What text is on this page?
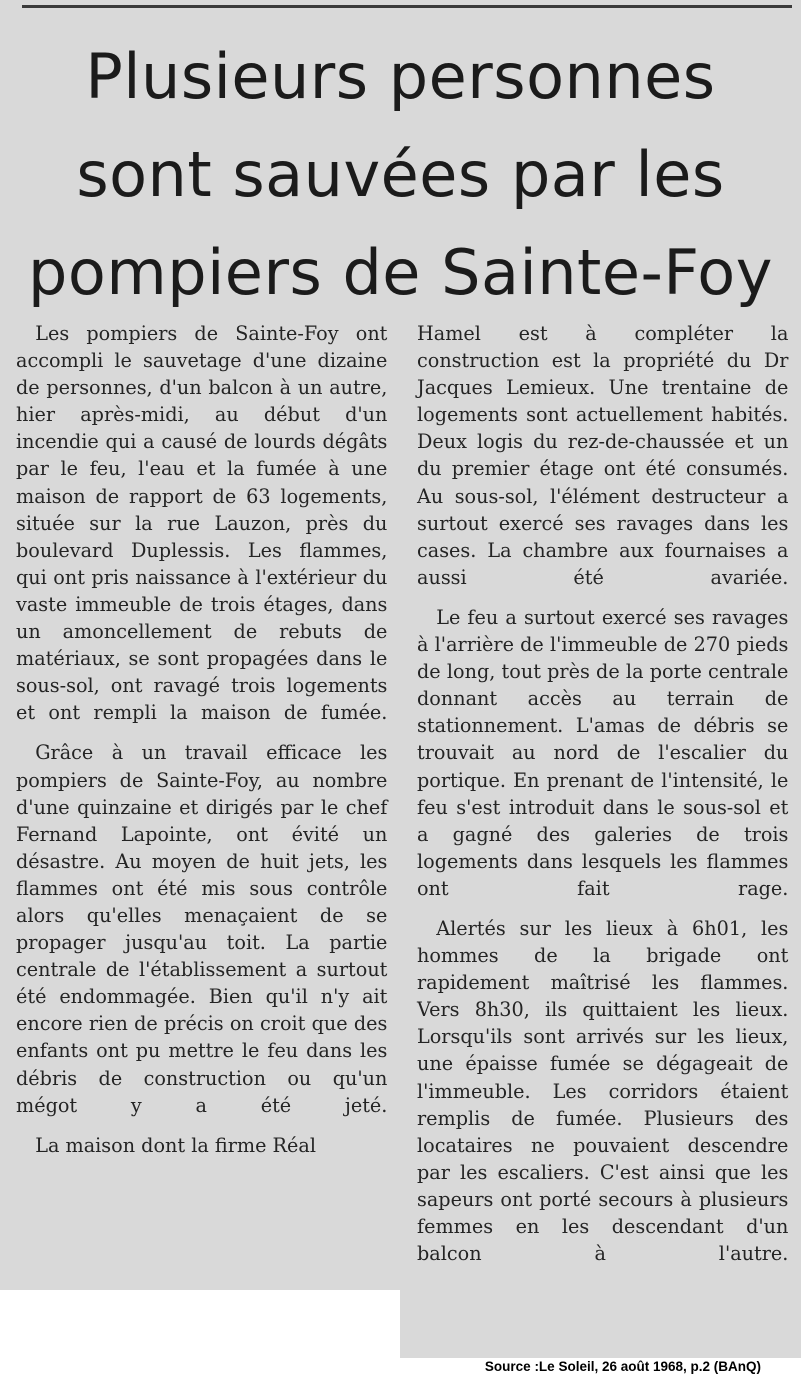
Plusieurs personnes
sont sauvées par les
pompiers de Sainte-Foy

Les pompiers de Sainte-Foy ont accompli le sauvetage d'une dizaine de personnes, d'un balcon à un autre, hier après-midi, au début d'un incendie qui a causé de lourds dégâts par le feu, l'eau et la fumée à une maison de rapport de 63 logements, située sur la rue Lauzon, près du boulevard Duplessis. Les flammes, qui ont pris naissance à l'extérieur du vaste immeuble de trois étages, dans un amoncellement de rebuts de matériaux, se sont propagées dans le sous-sol, ont ravagé trois logements et ont rempli la maison de fumée.

Grâce à un travail efficace les pompiers de Sainte-Foy, au nombre d'une quinzaine et dirigés par le chef Fernand Lapointe, ont évité un désastre. Au moyen de huit jets, les flammes ont été mis sous contrôle alors qu'elles menaçaient de se propager jusqu'au toit. La partie centrale de l'établissement a surtout été endommagée. Bien qu'il n'y ait encore rien de précis on croit que des enfants ont pu mettre le feu dans les débris de construction ou qu'un mégot y a été jeté.

La maison dont la firme Réal

Hamel est à compléter la construction est la propriété du Dr Jacques Lemieux. Une trentaine de logements sont actuellement habités. Deux logis du rez-de-chaussée et un du premier étage ont été consumés. Au sous-sol, l'élément destructeur a surtout exercé ses ravages dans les cases. La chambre aux fournaises a aussi été avariée.

Le feu a surtout exercé ses ravages à l'arrière de l'immeuble de 270 pieds de long, tout près de la porte centrale donnant accès au terrain de stationnement. L'amas de débris se trouvait au nord de l'escalier du portique. En prenant de l'intensité, le feu s'est introduit dans le sous-sol et a gagné des galeries de trois logements dans lesquels les flammes ont fait rage.

Alertés sur les lieux à 6h01, les hommes de la brigade ont rapidement maîtrisé les flammes. Vers 8h30, ils quittaient les lieux. Lorsqu'ils sont arrivés sur les lieux, une épaisse fumée se dégageait de l'immeuble. Les corridors étaient remplis de fumée. Plusieurs des locataires ne pouvaient descendre par les escaliers. C'est ainsi que les sapeurs ont porté secours à plusieurs femmes en les descendant d'un balcon à l'autre.

Source :Le Soleil, 26 août 1968, p.2 (BAnQ)
